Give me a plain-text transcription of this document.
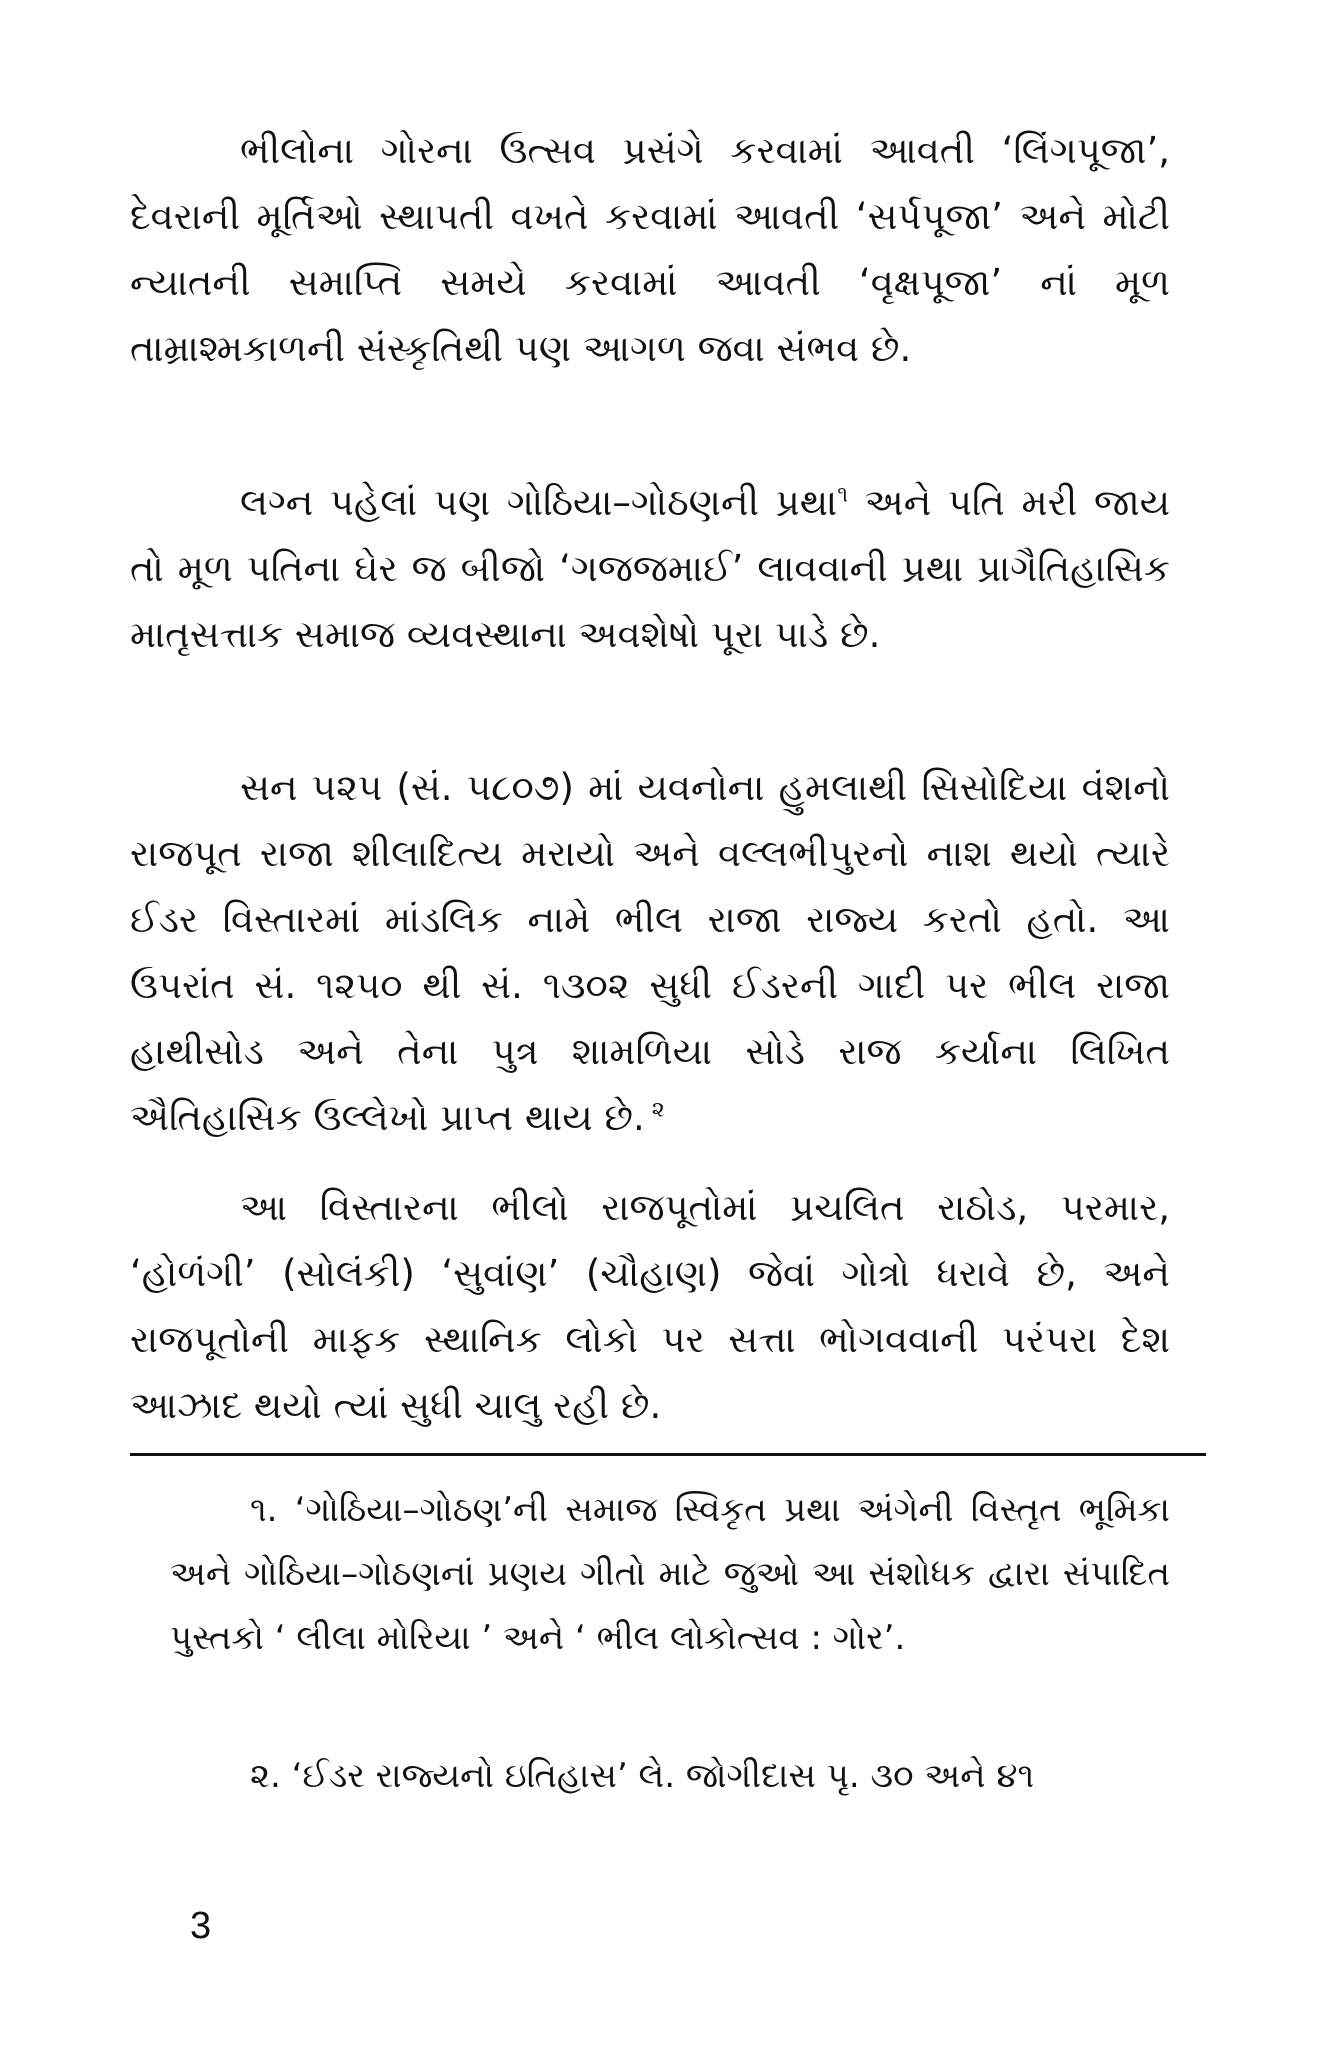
ભીલોના ગોરના ઉત્સવ પ્રસંગે કરવામાં આવતી ‘લિંગપૂજા’, દેવરાની મૂર્તિઓ સ્થાપતી વખતે કરવામાં આવતી ‘સર્પપૂજા’ અને મોટી ન્યાતની સમાપ્તિ સમયે કરવામાં આવતી ‘વૃક્ષપૂજા’ નાં મૂળ તામ્રાશ્મકાળની સંસ્કૃતિથી પણ આગળ જવા સંભવ છે.

લગ્ન પહેલાં પણ ગોઠિયા–ગોઠણની પ્રથા$^૧$ અને પતિ મરી જાય તો મૂળ પતિના ઘેર જ બીજો ‘ગજજમાઈ’ લાવવાની પ્રથા પ્રાગૈતિહાસિક માતૃસત્તાક સમાજ વ્યવસ્થાના અવશેષો પૂરા પાડે છે.

સન ૫૨૫ (સં. ૫૮૦૭) માં યવનોના હુમલાથી સિસોદિયા વંશનો રાજપૂત રાજા શીલાદિત્ય મરાયો અને વલ્લભીપુરનો નાશ થયો ત્યારે ઈડર વિસ્તારમાં માંડલિક નામે ભીલ રાજા રાજ્ય કરતો હતો. આ ઉપરાંત સં. ૧૨૫૦ થી સં. ૧૩૦૨ સુધી ઈડરની ગાદી પર ભીલ રાજા હાથીસોડ અને તેના પુત્ર શામળિયા સોડે રાજ કર્યાના લિખિત ઐતિહાસિક ઉલ્લેખો પ્રાપ્ત થાય છે. $^૨$

આ વિસ્તારના ભીલો રાજપૂતોમાં પ્રચલિત રાઠોડ, પરમાર, ‘હોળંગી’ (સોલંકી) ‘સુવાંણ’ (ચૌહાણ) જેવાં ગોત્રો ધરાવે છે, અને રાજપૂતોની માફક સ્થાનિક લોકો પર સત્તા ભોગવવાની પરંપરા દેશ આઝાદ થયો ત્યાં સુધી ચાલુ રહી છે.

૧. ‘ગોઠિયા–ગોઠણ’ની સમાજ સ્વિકૃત પ્રથા અંગેની વિસ્તૃત ભૂમિકા અને ગોઠિયા–ગોઠણનાં પ્રણય ગીતો માટે જુઓ આ સંશોધક દ્વારા સંપાદિત પુસ્તકો ‘ લીલા મોરિયા ’ અને ‘ ભીલ લોકોત્સવ : ગોર’.

૨. ‘ઈડર રાજ્યનો ઇતિહાસ’ લે. જોગીદાસ પૃ. ૩૦ અને ૪૧

3
